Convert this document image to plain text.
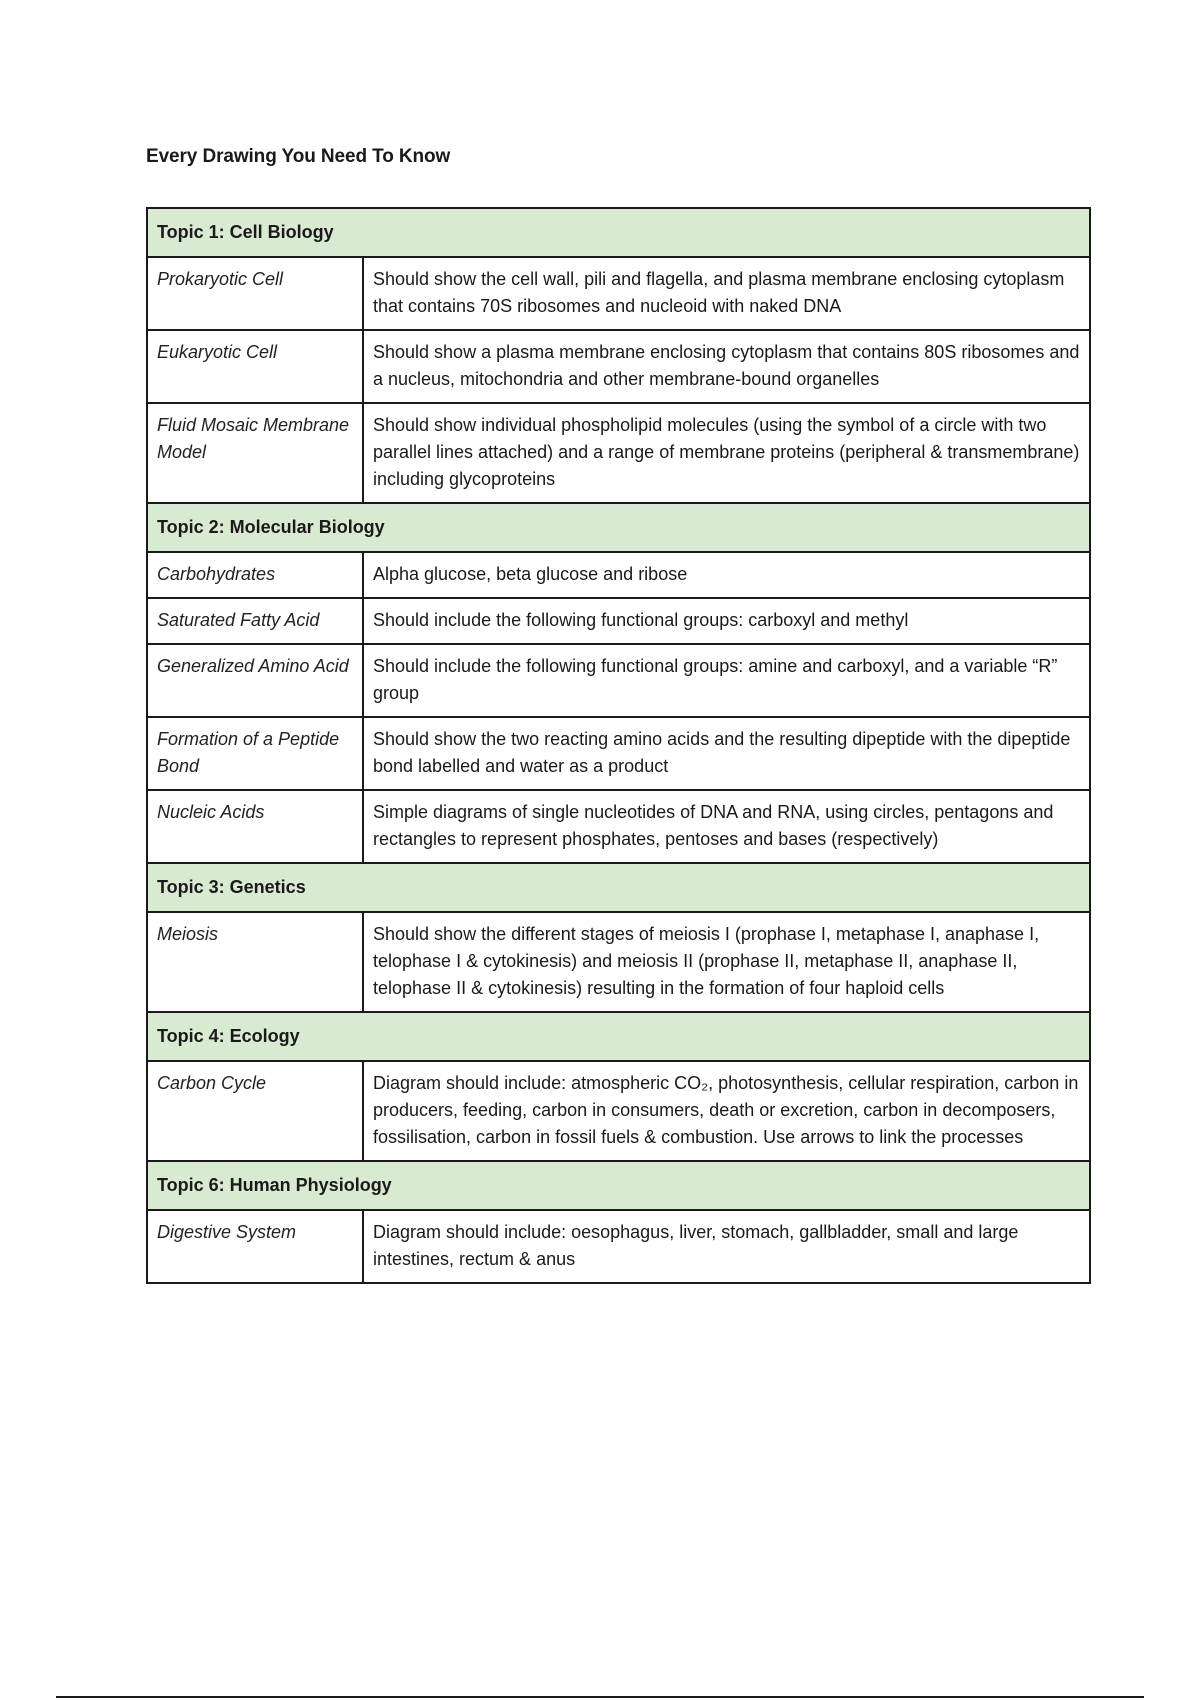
Every Drawing You Need To Know
Topic 1: Cell Biology	
Prokaryotic Cell	Should show the cell wall, pili and flagella, and plasma membrane enclosing cytoplasm that contains 70S ribosomes and nucleoid with naked DNA
Eukaryotic Cell	Should show a plasma membrane enclosing cytoplasm that contains 80S ribosomes and a nucleus, mitochondria and other membrane-bound organelles
Fluid Mosaic Membrane Model	Should show individual phospholipid molecules (using the symbol of a circle with two parallel lines attached) and a range of membrane proteins (peripheral & transmembrane) including glycoproteins
Topic 2: Molecular Biology	
Carbohydrates	Alpha glucose, beta glucose and ribose
Saturated Fatty Acid	Should include the following functional groups: carboxyl and methyl
Generalized Amino Acid	Should include the following functional groups: amine and carboxyl, and a variable “R” group
Formation of a Peptide Bond	Should show the two reacting amino acids and the resulting dipeptide with the dipeptide bond labelled and water as a product
Nucleic Acids	Simple diagrams of single nucleotides of DNA and RNA, using circles, pentagons and rectangles to represent phosphates, pentoses and bases (respectively)
Topic 3: Genetics	
Meiosis	Should show the different stages of meiosis I (prophase I, metaphase I, anaphase I, telophase I & cytokinesis) and meiosis II (prophase II, metaphase II, anaphase II, telophase II & cytokinesis) resulting in the formation of four haploid cells
Topic 4: Ecology	
Carbon Cycle	Diagram should include: atmospheric CO₂, photosynthesis, cellular respiration, carbon in producers, feeding, carbon in consumers, death or excretion, carbon in decomposers, fossilisation, carbon in fossil fuels & combustion. Use arrows to link the processes
Topic 6: Human Physiology	
Digestive System	Diagram should include: oesophagus, liver, stomach, gallbladder, small and large intestines, rectum & anus
